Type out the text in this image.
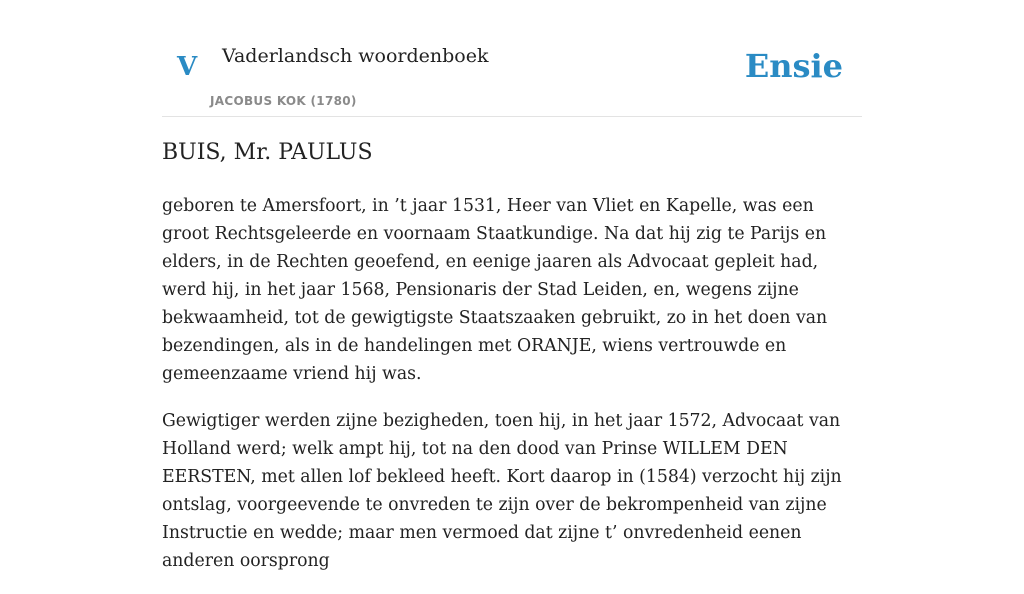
V Vaderlandsch woordenboek
JACOBUS KOK (1780)
Ensie
BUIS, Mr. PAULUS

geboren te Amersfoort, in ’t jaar 1531, Heer van Vliet en Kapelle, was een groot Rechtsgeleerde en voornaam Staatkundige. Na dat hij zig te Parijs en elders, in de Rechten geoefend, en eenige jaaren als Advocaat gepleit had, werd hij, in het jaar 1568, Pensionaris der Stad Leiden, en, wegens zijne bekwaamheid, tot de gewigtigste Staatszaaken gebruikt, zo in het doen van bezendingen, als in de handelingen met ORANJE, wiens vertrouwde en gemeenzaame vriend hij was.

Gewigtiger werden zijne bezigheden, toen hij, in het jaar 1572, Advocaat van Holland werd; welk ampt hij, tot na den dood van Prinse WILLEM DEN EERSTEN, met allen lof bekleed heeft. Kort daarop in (1584) verzocht hij zijn ontslag, voorgeevende te onvreden te zijn over de bekrompenheid van zijne Instructie en wedde; maar men vermoed dat zijne t’ onvredenheid eenen anderen oorsprong
